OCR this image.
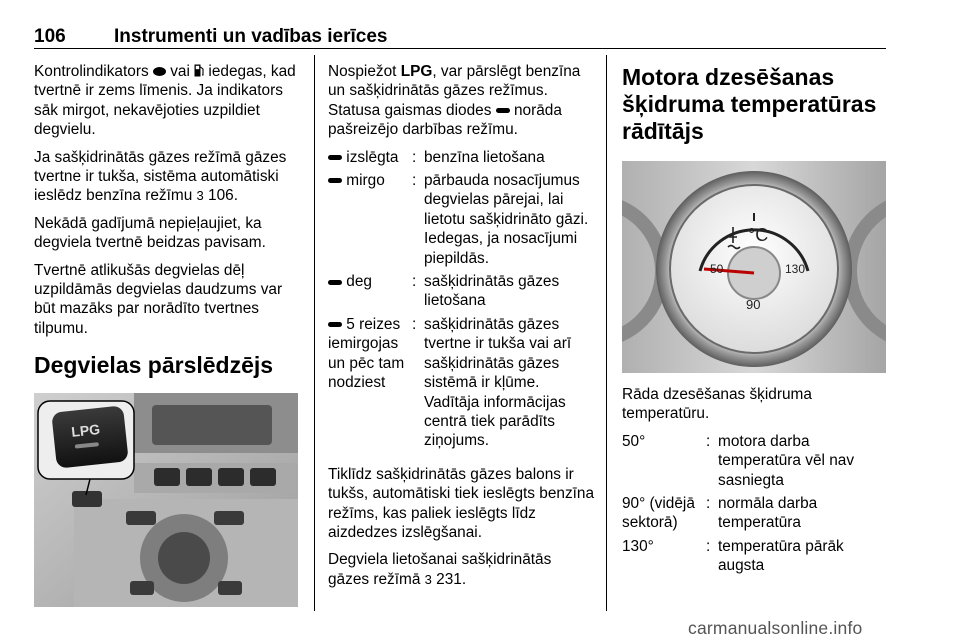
106	Instrumenti un vadības ierīces

Kontrolindikators  vai  iedegas, kad tvertnē ir zems līmenis. Ja indikators sāk mirgot, nekavējoties uzpildiet degvielu.

Ja sašķidrinātās gāzes režīmā gāzes tvertne ir tukša, sistēma automātiski ieslēdz benzīna režīmu 3 106.

Nekādā gadījumā nepieļaujiet, ka degviela tvertnē beidzas pavisam.

Tvertnē atlikušās degvielas dēļ uzpildāmās degvielas daudzums var būt mazāks par norādīto tvertnes tilpumu.

Degvielas pārslēdzējs
LPG

Nospiežot LPG, var pārslēgt benzīna un sašķidrinātās gāzes režīmus. Statusa gaismas diodes  norāda pašreizējo darbības režīmu.

izslēgta : benzīna lietošana
mirgo	: pārbauda nosacījumus degvielas pārejai, lai lietotu sašķidrināto gāzi. Iedegas, ja nosacījumi piepildās.
deg	: sašķidrinātās gāzes lietošana
5 reizes iemirgojas un pēc tam nodziest
: sašķidrinātās gāzes tvertne ir tukša vai arī sašķidrinātās gāzes sistēmā ir kļūme. Vadītāja informācijas centrā tiek parādīts ziņojums.

Tiklīdz sašķidrinātās gāzes balons ir tukšs, automātiski tiek ieslēgts benzīna režīms, kas paliek ieslēgts līdz aizdedzes izslēgšanai.

Degviela lietošanai sašķidrinātās gāzes režīmā 3 231.

Motora dzesēšanas šķidruma temperatūras rādītājs
°C
50
90
130

Rāda dzesēšanas šķidruma temperatūru.

50°	: motora darba temperatūra vēl nav sasniegta
90° (vidējā sektorā)
: normāla darba temperatūra
130°	: temperatūra pārāk augsta
carmanualsonline.info
